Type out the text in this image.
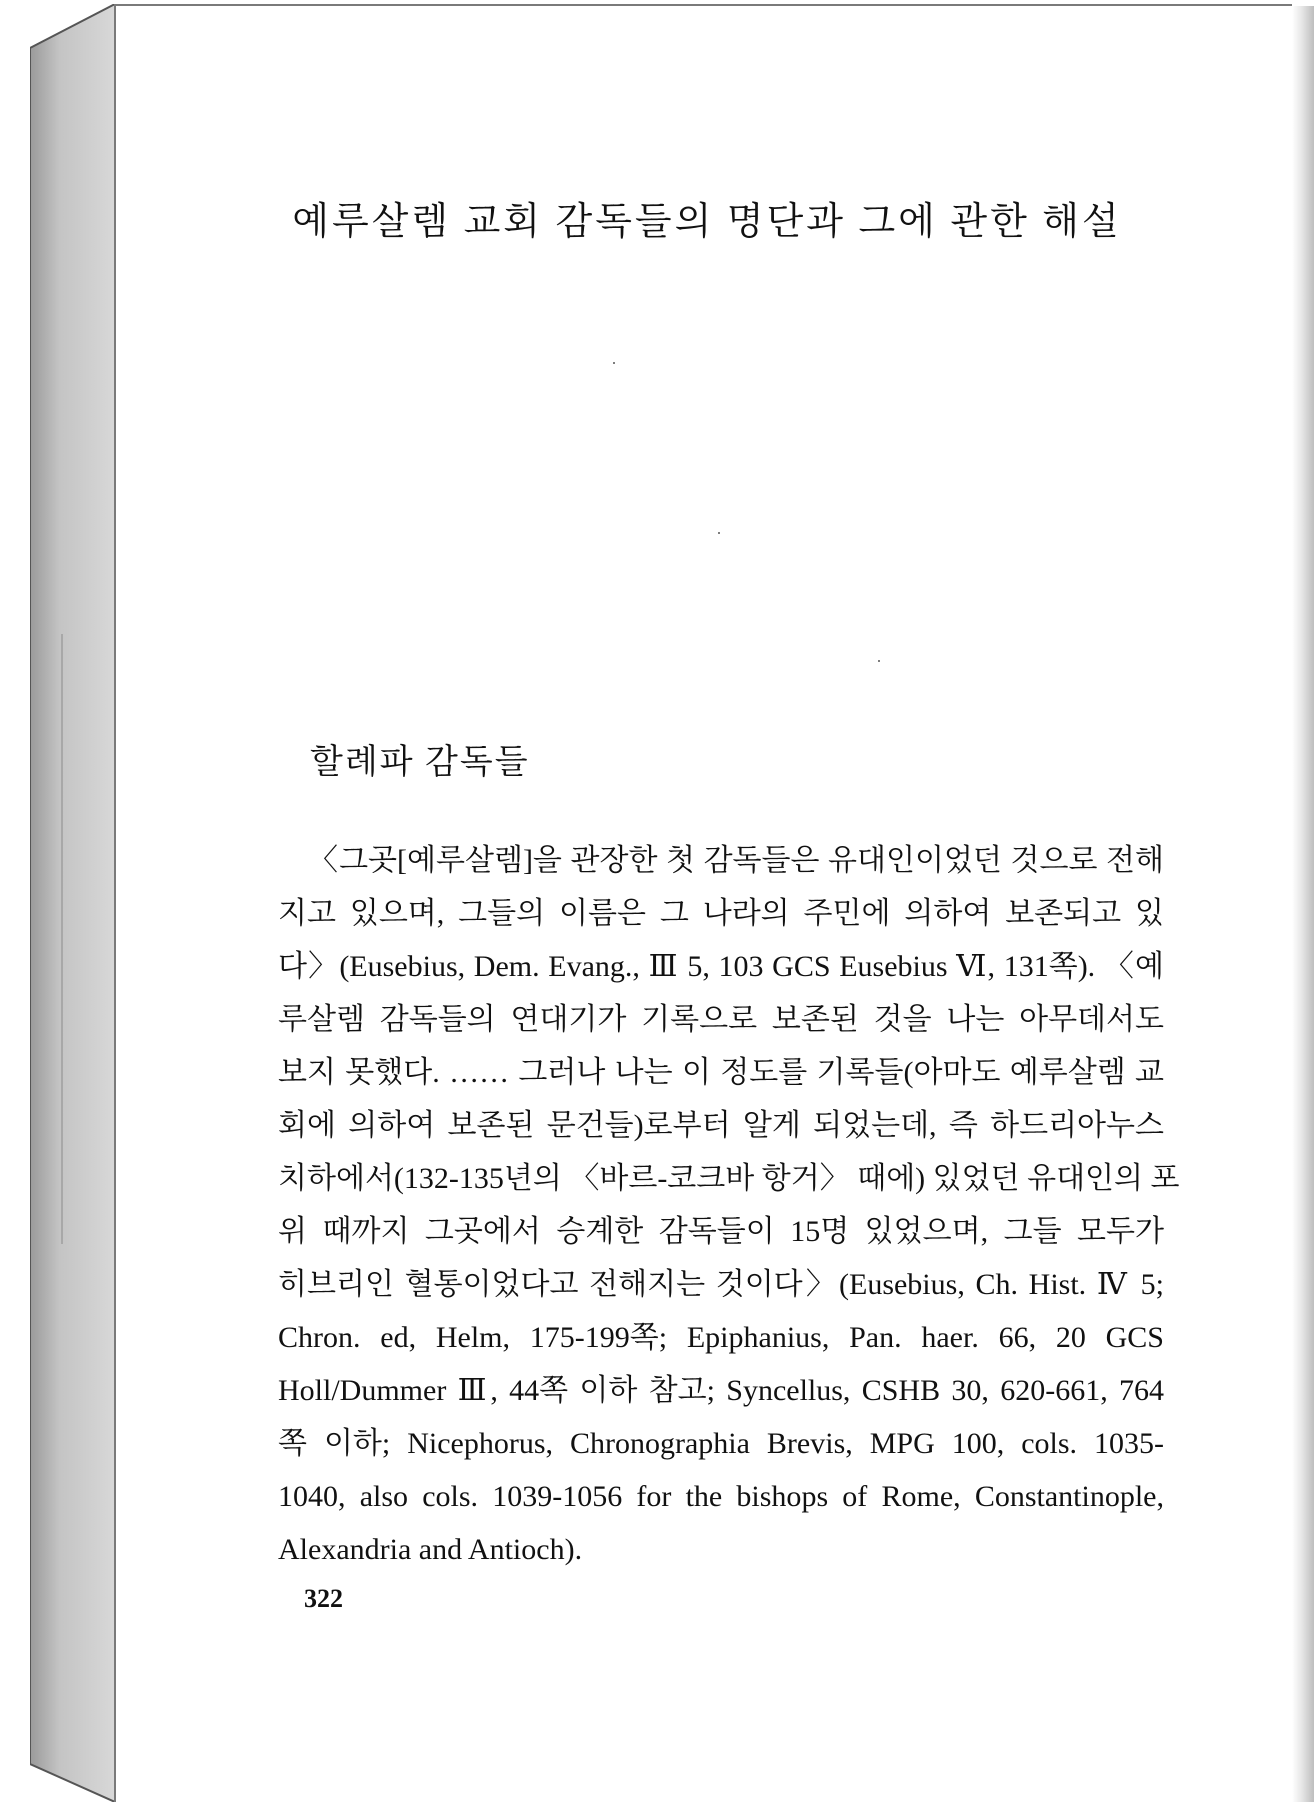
예루살렘 교회 감독들의 명단과 그에 관한 해설
할례파 감독들
〈그곳[예루살렘]을 관장한 첫 감독들은 유대인이었던 것으로 전해
지고 있으며, 그들의 이름은 그 나라의 주민에 의하여 보존되고 있
다〉(Eusebius, Dem. Evang., Ⅲ 5, 103 GCS Eusebius Ⅵ, 131쪽). 〈예
루살렘 감독들의 연대기가 기록으로 보존된 것을 나는 아무데서도
보지 못했다. …… 그러나 나는 이 정도를 기록들(아마도 예루살렘 교
회에 의하여 보존된 문건들)로부터 알게 되었는데, 즉 하드리아누스
치하에서(132-135년의 〈바르-코크바 항거〉 때에) 있었던 유대인의 포
위 때까지 그곳에서 승계한 감독들이 15명 있었으며, 그들 모두가
히브리인 혈통이었다고 전해지는 것이다〉(Eusebius, Ch. Hist. Ⅳ 5;
Chron. ed, Helm, 175-199쪽; Epiphanius, Pan. haer. 66, 20 GCS
Holl/Dummer Ⅲ, 44쪽 이하 참고; Syncellus, CSHB 30, 620-661, 764
쪽 이하; Nicephorus, Chronographia Brevis, MPG 100, cols. 1035-
1040, also cols. 1039-1056 for the bishops of Rome, Constantinople,
Alexandria and Antioch).
322
